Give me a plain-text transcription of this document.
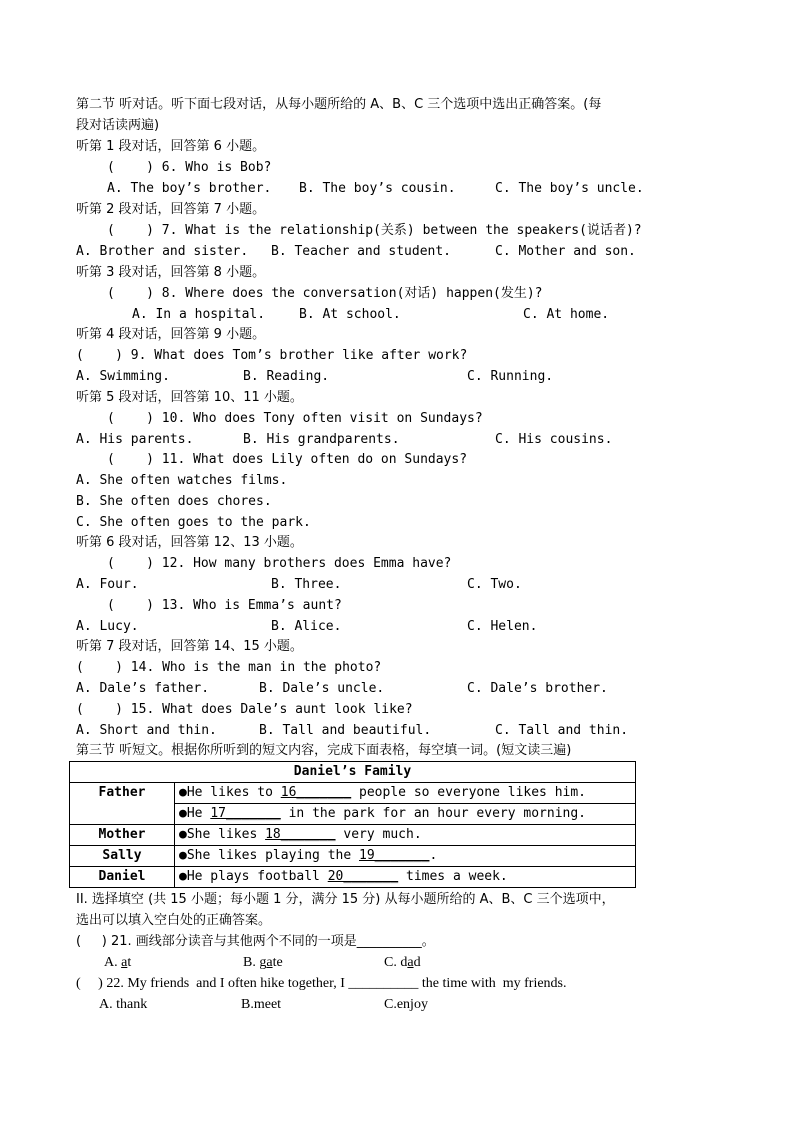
第二节 听对话。听下面七段对话，从每小题所给的 A、B、C 三个选项中选出正确答案。(每
段对话读两遍)
听第 1 段对话，回答第 6 小题。
(    ) 6. Who is Bob?
A. The boy’s brother. B. The boy’s cousin.	C. The boy’s uncle.
听第 2 段对话，回答第 7 小题。
(    ) 7. What is the relationship(关系) between the speakers(说话者)?
A. Brother and sister. B. Teacher and student.	C. Mother and son.
听第 3 段对话，回答第 8 小题。
(    ) 8. Where does the conversation(对话) happen(发生)?
A. In a hospital.	B. At school.	C. At home.
听第 4 段对话，回答第 9 小题。
(    ) 9. What does Tom’s brother like after work?
A. Swimming.	B. Reading.	C. Running.
听第 5 段对话，回答第 10、11 小题。
(    ) 10. Who does Tony often visit on Sundays?
A. His parents.	B. His grandparents.	C. His cousins.
(    ) 11. What does Lily often do on Sundays?
A. She often watches films.
B. She often does chores.
C. She often goes to the park.
听第 6 段对话，回答第 12、13 小题。
(    ) 12. How many brothers does Emma have?
A. Four.	B. Three.	C. Two.
(    ) 13. Who is Emma’s aunt?
A. Lucy.	B. Alice.	C. Helen.
听第 7 段对话，回答第 14、15 小题。
(    ) 14. Who is the man in the photo?
A. Dale’s father.	B. Dale’s uncle.	C. Dale’s brother.
(    ) 15. What does Dale’s aunt look like?
A. Short and thin.	B. Tall and beautiful.	C. Tall and thin.
第三节 听短文。根据你所听到的短文内容，完成下面表格，每空填一词。(短文读三遍)
Daniel’s Family	
Father	●He likes to 16_______ people so everyone likes him.
	●He 17_______ in the park for an hour every morning.
Mother	●She likes 18_______ very much.
Sally	●She likes playing the 19_______.
Daniel	●He plays football 20_______ times a week.
II. 选择填空 (共 15 小题；每小题 1 分，满分 15 分) 从每小题所给的 A、B、C 三个选项中，
选出可以填入空白处的正确答案。
(     ) 21. 画线部分读音与其他两个不同的一项是__________。
A. at	B. gate	C. dad
(     ) 22. My friends  and I often hike together, I __________ the time with  my friends.
A. thank	B.meet	C.enjoy
